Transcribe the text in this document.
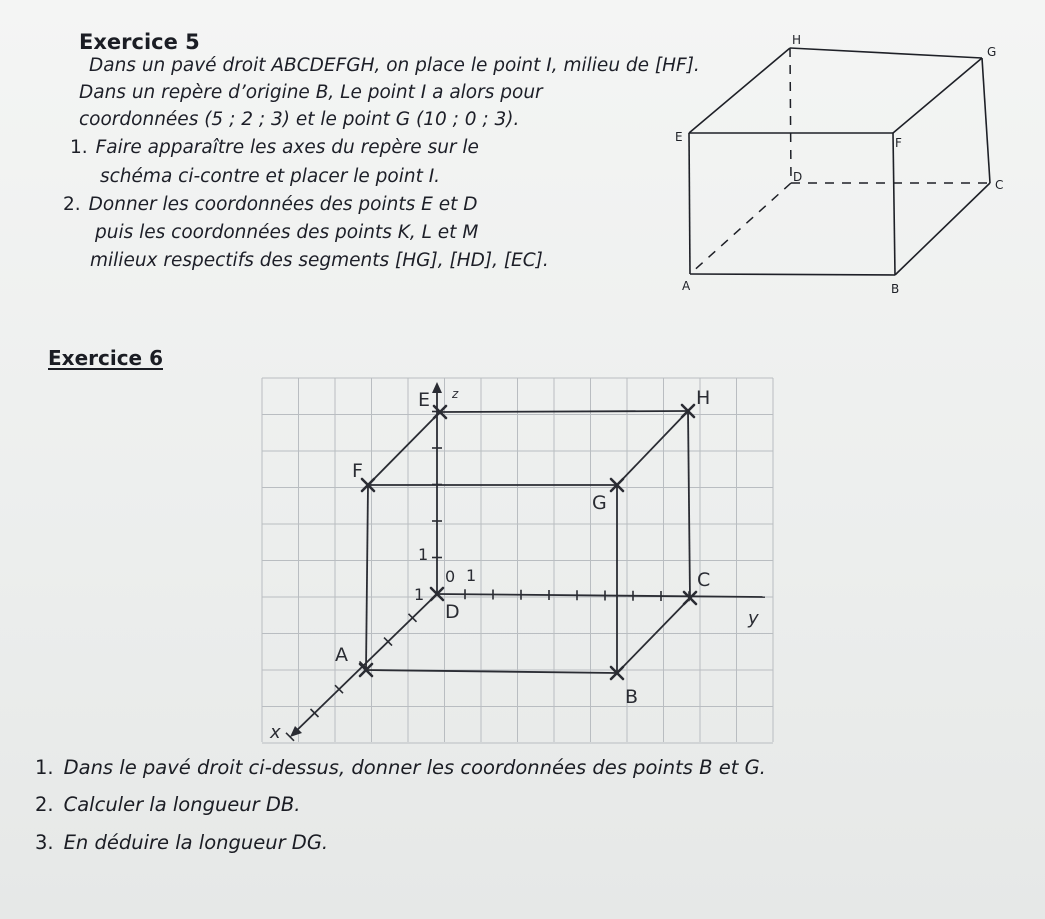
Exercice 5
Dans un pavé droit ABCDEFGH, on place le point I, milieu de [HF].
Dans un repère d’origine B, Le point I a alors pour
coordonnées (5 ; 2 ; 3) et le point G (10 ; 0 ; 3).
1. Faire apparaître les axes du repère sur le
schéma ci-contre et placer le point I.
2. Donner les coordonnées des points E et D
puis les coordonnées des points K, L et M
milieux respectifs des segments [HG], [HD], [EC].
H
G
E	F
D
C
A	B
Exercice 6
E z	H
F
G
C
D
A
B
0 1
1
1
y
x
1. Dans le pavé droit ci-dessus, donner les coordonnées des points B et G.
2. Calculer la longueur DB.
3. En déduire la longueur DG.
